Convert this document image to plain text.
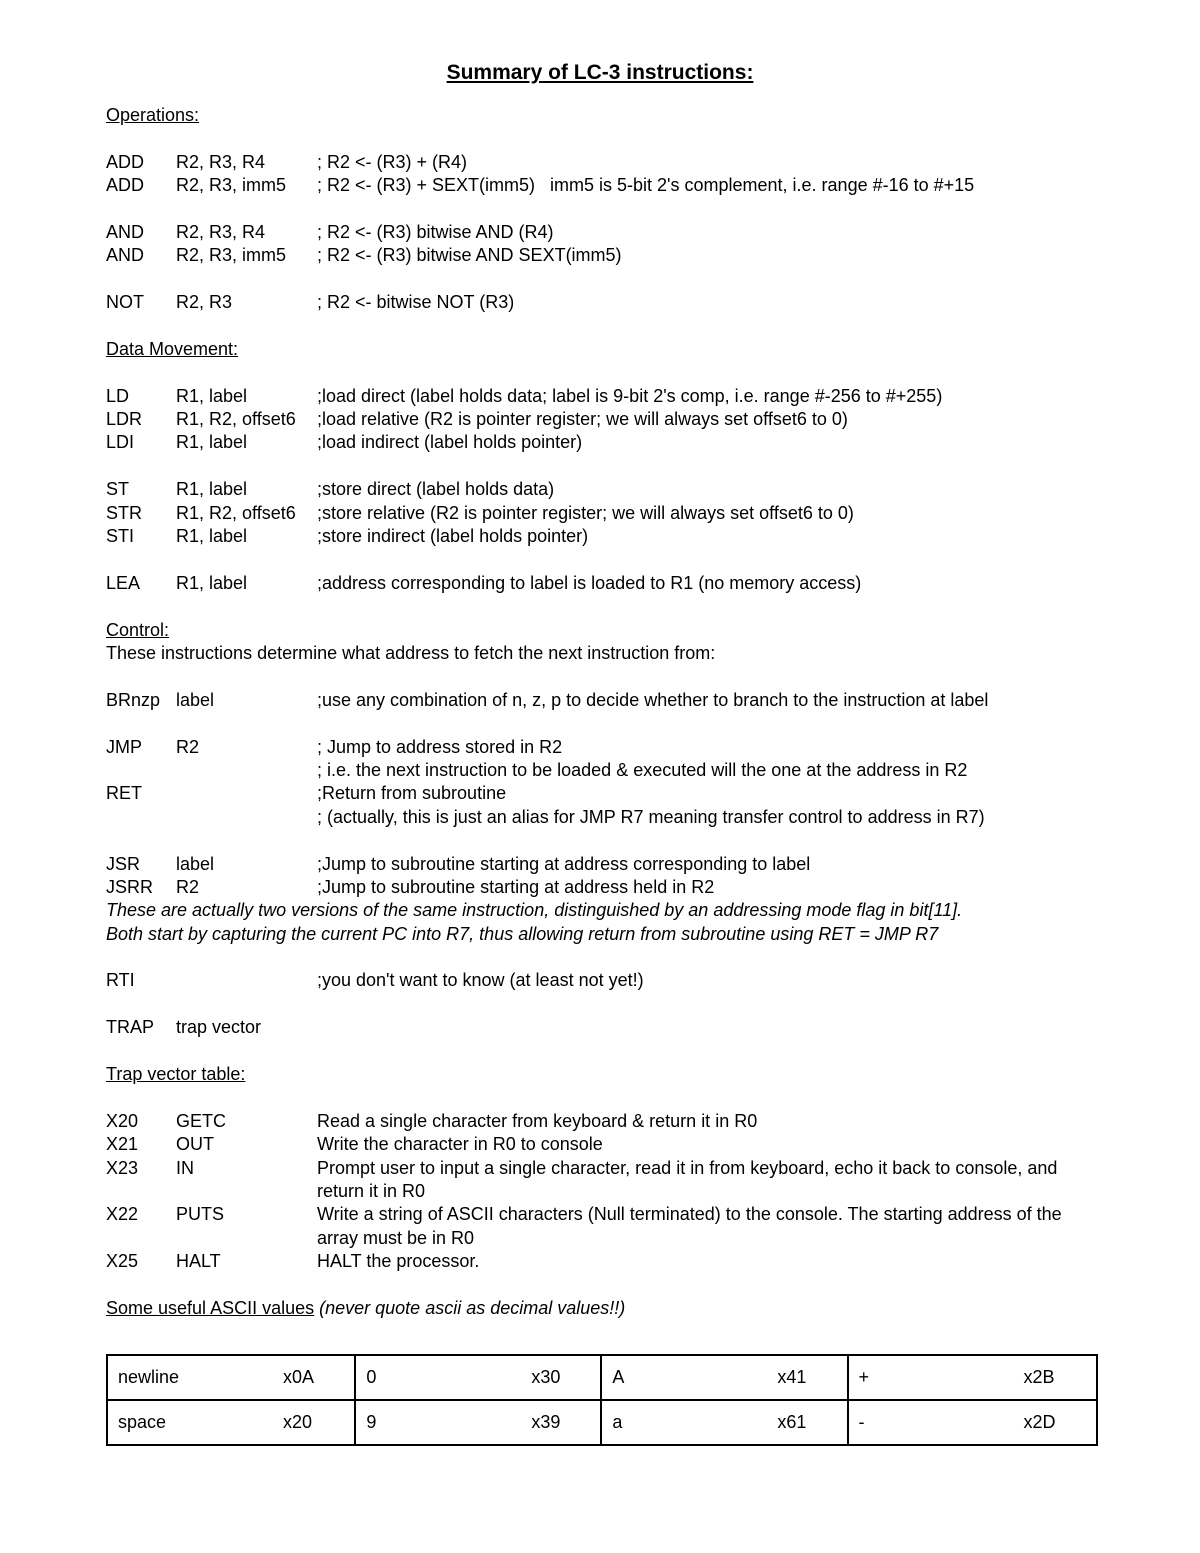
Summary of LC-3 instructions:
Operations:
ADD R2, R3, R4	; R2 <- (R3) + (R4)
ADD R2, R3, imm5 ; R2 <- (R3) + SEXT(imm5)   imm5 is 5-bit 2's complement, i.e. range #-16 to #+15
AND R2, R3, R4	; R2 <- (R3) bitwise AND (R4)
AND R2, R3, imm5 ; R2 <- (R3) bitwise AND SEXT(imm5)
NOT R2, R3	; R2 <- bitwise NOT (R3)
Data Movement:
LD	R1, label	;load direct (label holds data; label is 9-bit 2's comp, i.e. range #-256 to #+255)
LDR R1, R2, offset6 ;load relative (R2 is pointer register; we will always set offset6 to 0)
LDI R1, label	;load indirect (label holds pointer)
ST	R1, label	;store direct (label holds data)
STR R1, R2, offset6 ;store relative (R2 is pointer register; we will always set offset6 to 0)
STI R1, label	;store indirect (label holds pointer)
LEA R1, label	;address corresponding to label is loaded to R1 (no memory access)
Control:
These instructions determine what address to fetch the next instruction from:
BRnzp label	;use any combination of n, z, p to decide whether to branch to the instruction at label
JMP R2	; Jump to address stored in R2
; i.e. the next instruction to be loaded & executed will the one at the address in R2
RET	;Return from subroutine
; (actually, this is just an alias for JMP R7 meaning transfer control to address in R7)
JSR label	;Jump to subroutine starting at address corresponding to label
JSRR R2	;Jump to subroutine starting at address held in R2
These are actually two versions of the same instruction, distinguished by an addressing mode flag in bit[11].
Both start by capturing the current PC into R7, thus allowing return from subroutine using RET = JMP R7
RTI	;you don't want to know (at least not yet!)
TRAP trap vector
Trap vector table:
X20 GETC	Read a single character from keyboard & return it in R0
X21 OUT	Write the character in R0 to console
X23 IN	Prompt user to input a single character, read it in from keyboard, echo it back to console, and return it in R0
X22 PUTS	Write a string of ASCII characters (Null terminated) to the console. The starting address of the array must be in R0
X25 HALT	HALT the processor.
Some useful ASCII values (never quote ascii as decimal values!!)
newline x0A	0 x30	A x41	+ x2B
space x20	9 x39	a x61	- x2D
